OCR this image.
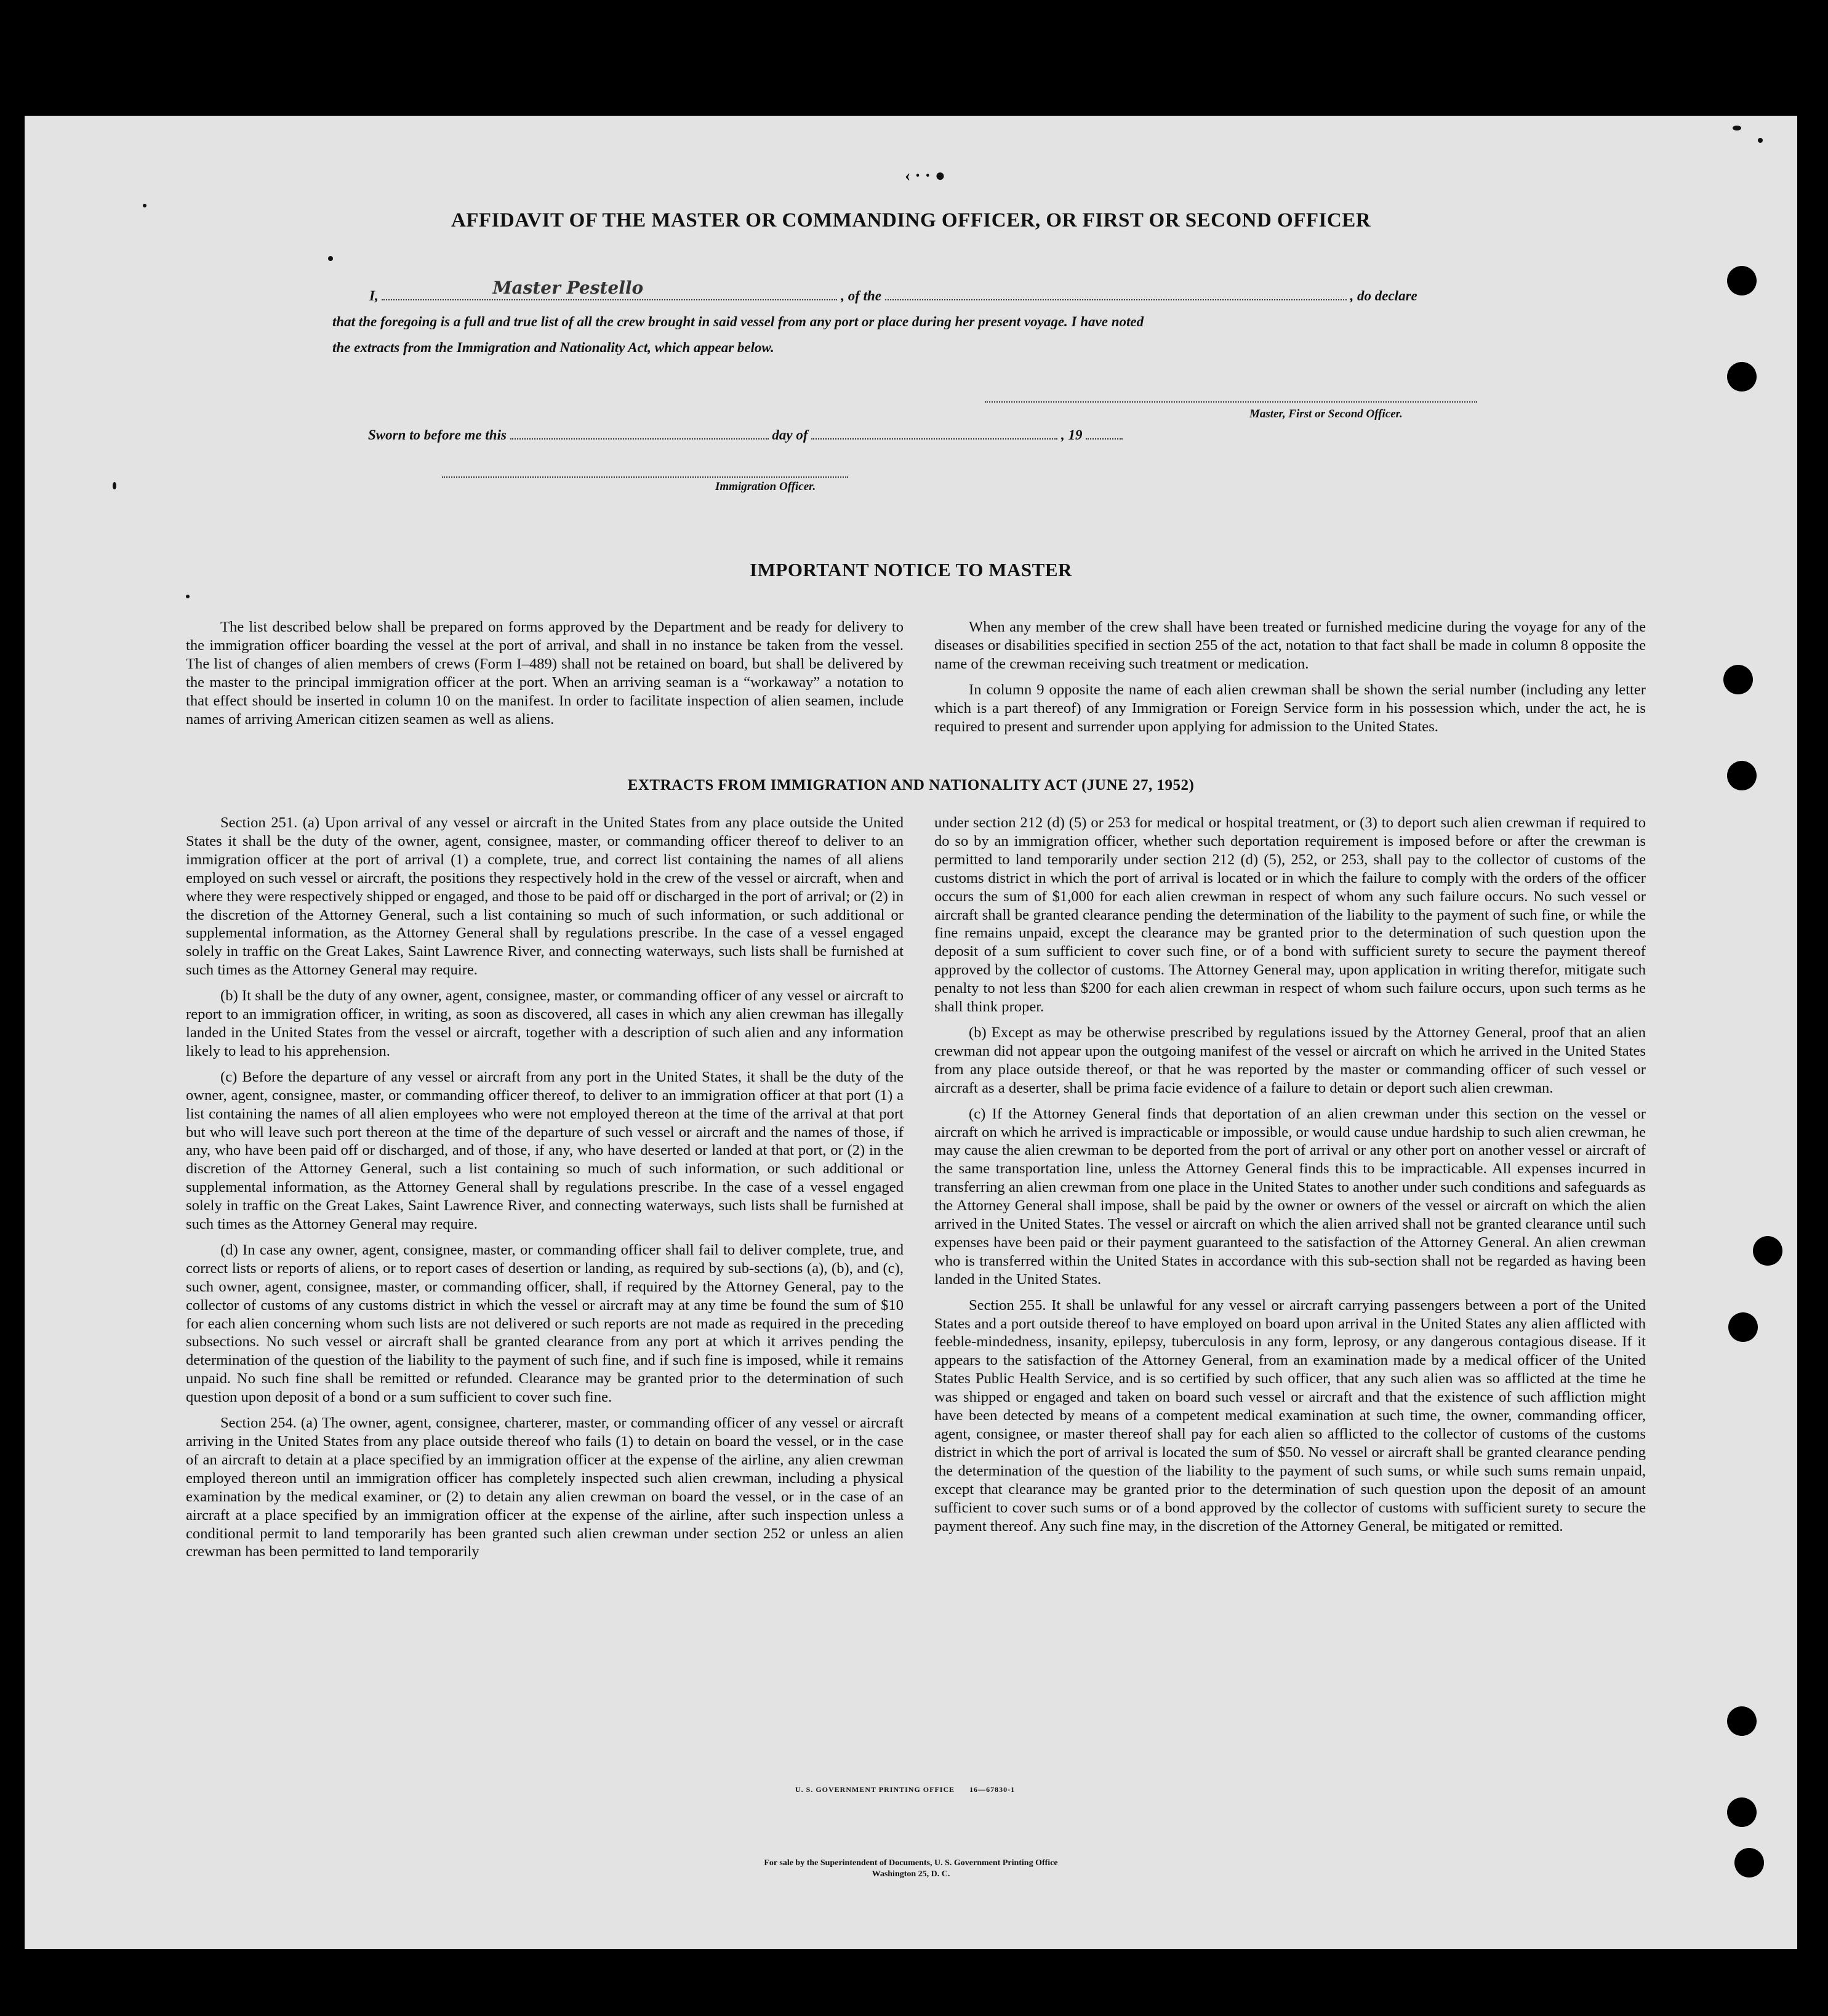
‹ · · ●
AFFIDAVIT OF THE MASTER OR COMMANDING OFFICER, OR FIRST OR SECOND OFFICER
I,	Master Pestello	, of the	, do declare
that the foregoing is a full and true list of all the crew brought in said vessel from any port or place during her present voyage. I have noted
the extracts from the Immigration and Nationality Act, which appear below.
Master, First or Second Officer.
Sworn to before me this	day of	, 19
Immigration Officer.
IMPORTANT NOTICE TO MASTER

The list described below shall be prepared on forms approved by the Department and be ready for delivery to the immigration officer boarding the vessel at the port of arrival, and shall in no instance be taken from the vessel. The list of changes of alien members of crews (Form I–489) shall not be retained on board, but shall be delivered by the master to the principal immigration officer at the port. When an arriving seaman is a “workaway” a notation to that effect should be inserted in column 10 on the manifest. In order to facilitate inspection of alien seamen, include names of arriving American citizen seamen as well as aliens.

When any member of the crew shall have been treated or furnished medicine during the voyage for any of the diseases or disabilities specified in section 255 of the act, notation to that fact shall be made in column 8 opposite the name of the crewman receiving such treatment or medication.

In column 9 opposite the name of each alien crewman shall be shown the serial number (including any letter which is a part thereof) of any Immigration or Foreign Service form in his possession which, under the act, he is required to present and surrender upon applying for admission to the United States.

EXTRACTS FROM IMMIGRATION AND NATIONALITY ACT (JUNE 27, 1952)

Section 251. (a) Upon arrival of any vessel or aircraft in the United States from any place outside the United States it shall be the duty of the owner, agent, consignee, master, or commanding officer thereof to deliver to an immigration officer at the port of arrival (1) a complete, true, and correct list containing the names of all aliens employed on such vessel or aircraft, the positions they respectively hold in the crew of the vessel or aircraft, when and where they were respectively shipped or engaged, and those to be paid off or discharged in the port of arrival; or (2) in the discretion of the Attorney General, such a list containing so much of such information, or such additional or supplemental information, as the Attorney General shall by regulations prescribe. In the case of a vessel engaged solely in traffic on the Great Lakes, Saint Lawrence River, and connecting waterways, such lists shall be furnished at such times as the Attorney General may require.

(b) It shall be the duty of any owner, agent, consignee, master, or commanding officer of any vessel or aircraft to report to an immigration officer, in writing, as soon as discovered, all cases in which any alien crewman has illegally landed in the United States from the vessel or aircraft, together with a description of such alien and any information likely to lead to his apprehension.

(c) Before the departure of any vessel or aircraft from any port in the United States, it shall be the duty of the owner, agent, consignee, master, or commanding officer thereof, to deliver to an immigration officer at that port (1) a list containing the names of all alien employees who were not employed thereon at the time of the arrival at that port but who will leave such port thereon at the time of the departure of such vessel or aircraft and the names of those, if any, who have been paid off or discharged, and of those, if any, who have deserted or landed at that port, or (2) in the discretion of the Attorney General, such a list containing so much of such information, or such additional or supplemental information, as the Attorney General shall by regulations prescribe. In the case of a vessel engaged solely in traffic on the Great Lakes, Saint Lawrence River, and connecting waterways, such lists shall be furnished at such times as the Attorney General may require.

(d) In case any owner, agent, consignee, master, or commanding officer shall fail to deliver complete, true, and correct lists or reports of aliens, or to report cases of desertion or landing, as required by sub-sections (a), (b), and (c), such owner, agent, consignee, master, or commanding officer, shall, if required by the Attorney General, pay to the collector of customs of any customs district in which the vessel or aircraft may at any time be found the sum of $10 for each alien concerning whom such lists are not delivered or such reports are not made as required in the preceding subsections. No such vessel or aircraft shall be granted clearance from any port at which it arrives pending the determination of the question of the liability to the payment of such fine, and if such fine is imposed, while it remains unpaid. No such fine shall be remitted or refunded. Clearance may be granted prior to the determination of such question upon deposit of a bond or a sum sufficient to cover such fine.

Section 254. (a) The owner, agent, consignee, charterer, master, or commanding officer of any vessel or aircraft arriving in the United States from any place outside thereof who fails (1) to detain on board the vessel, or in the case of an aircraft to detain at a place specified by an immigration officer at the expense of the airline, any alien crewman employed thereon until an immigration officer has completely inspected such alien crewman, including a physical examination by the medical examiner, or (2) to detain any alien crewman on board the vessel, or in the case of an aircraft at a place specified by an immigration officer at the expense of the airline, after such inspection unless a conditional permit to land temporarily has been granted such alien crewman under section 252 or unless an alien crewman has been permitted to land temporarily

under section 212 (d) (5) or 253 for medical or hospital treatment, or (3) to deport such alien crewman if required to do so by an immigration officer, whether such deportation requirement is imposed before or after the crewman is permitted to land temporarily under section 212 (d) (5), 252, or 253, shall pay to the collector of customs of the customs district in which the port of arrival is located or in which the failure to comply with the orders of the officer occurs the sum of $1,000 for each alien crewman in respect of whom any such failure occurs. No such vessel or aircraft shall be granted clearance pending the determination of the liability to the payment of such fine, or while the fine remains unpaid, except the clearance may be granted prior to the determination of such question upon the deposit of a sum sufficient to cover such fine, or of a bond with sufficient surety to secure the payment thereof approved by the collector of customs. The Attorney General may, upon application in writing therefor, mitigate such penalty to not less than $200 for each alien crewman in respect of whom such failure occurs, upon such terms as he shall think proper.

(b) Except as may be otherwise prescribed by regulations issued by the Attorney General, proof that an alien crewman did not appear upon the outgoing manifest of the vessel or aircraft on which he arrived in the United States from any place outside thereof, or that he was reported by the master or commanding officer of such vessel or aircraft as a deserter, shall be prima facie evidence of a failure to detain or deport such alien crewman.

(c) If the Attorney General finds that deportation of an alien crewman under this section on the vessel or aircraft on which he arrived is impracticable or impossible, or would cause undue hardship to such alien crewman, he may cause the alien crewman to be deported from the port of arrival or any other port on another vessel or aircraft of the same transportation line, unless the Attorney General finds this to be impracticable. All expenses incurred in transferring an alien crewman from one place in the United States to another under such conditions and safeguards as the Attorney General shall impose, shall be paid by the owner or owners of the vessel or aircraft on which the alien arrived in the United States. The vessel or aircraft on which the alien arrived shall not be granted clearance until such expenses have been paid or their payment guaranteed to the satisfaction of the Attorney General. An alien crewman who is transferred within the United States in accordance with this sub-section shall not be regarded as having been landed in the United States.

Section 255. It shall be unlawful for any vessel or aircraft carrying passengers between a port of the United States and a port outside thereof to have employed on board upon arrival in the United States any alien afflicted with feeble-mindedness, insanity, epilepsy, tuberculosis in any form, leprosy, or any dangerous contagious disease. If it appears to the satisfaction of the Attorney General, from an examination made by a medical officer of the United States Public Health Service, and is so certified by such officer, that any such alien was so afflicted at the time he was shipped or engaged and taken on board such vessel or aircraft and that the existence of such affliction might have been detected by means of a competent medical examination at such time, the owner, commanding officer, agent, consignee, or master thereof shall pay for each alien so afflicted to the collector of customs of the customs district in which the port of arrival is located the sum of $50. No vessel or aircraft shall be granted clearance pending the determination of the question of the liability to the payment of such sums, or while such sums remain unpaid, except that clearance may be granted prior to the determination of such question upon the deposit of an amount sufficient to cover such sums or of a bond approved by the collector of customs with sufficient surety to secure the payment thereof. Any such fine may, in the discretion of the Attorney General, be mitigated or remitted.

U. S. GOVERNMENT PRINTING OFFICE      16—67830-1
For sale by the Superintendent of Documents, U. S. Government Printing Office
Washington 25, D. C.
